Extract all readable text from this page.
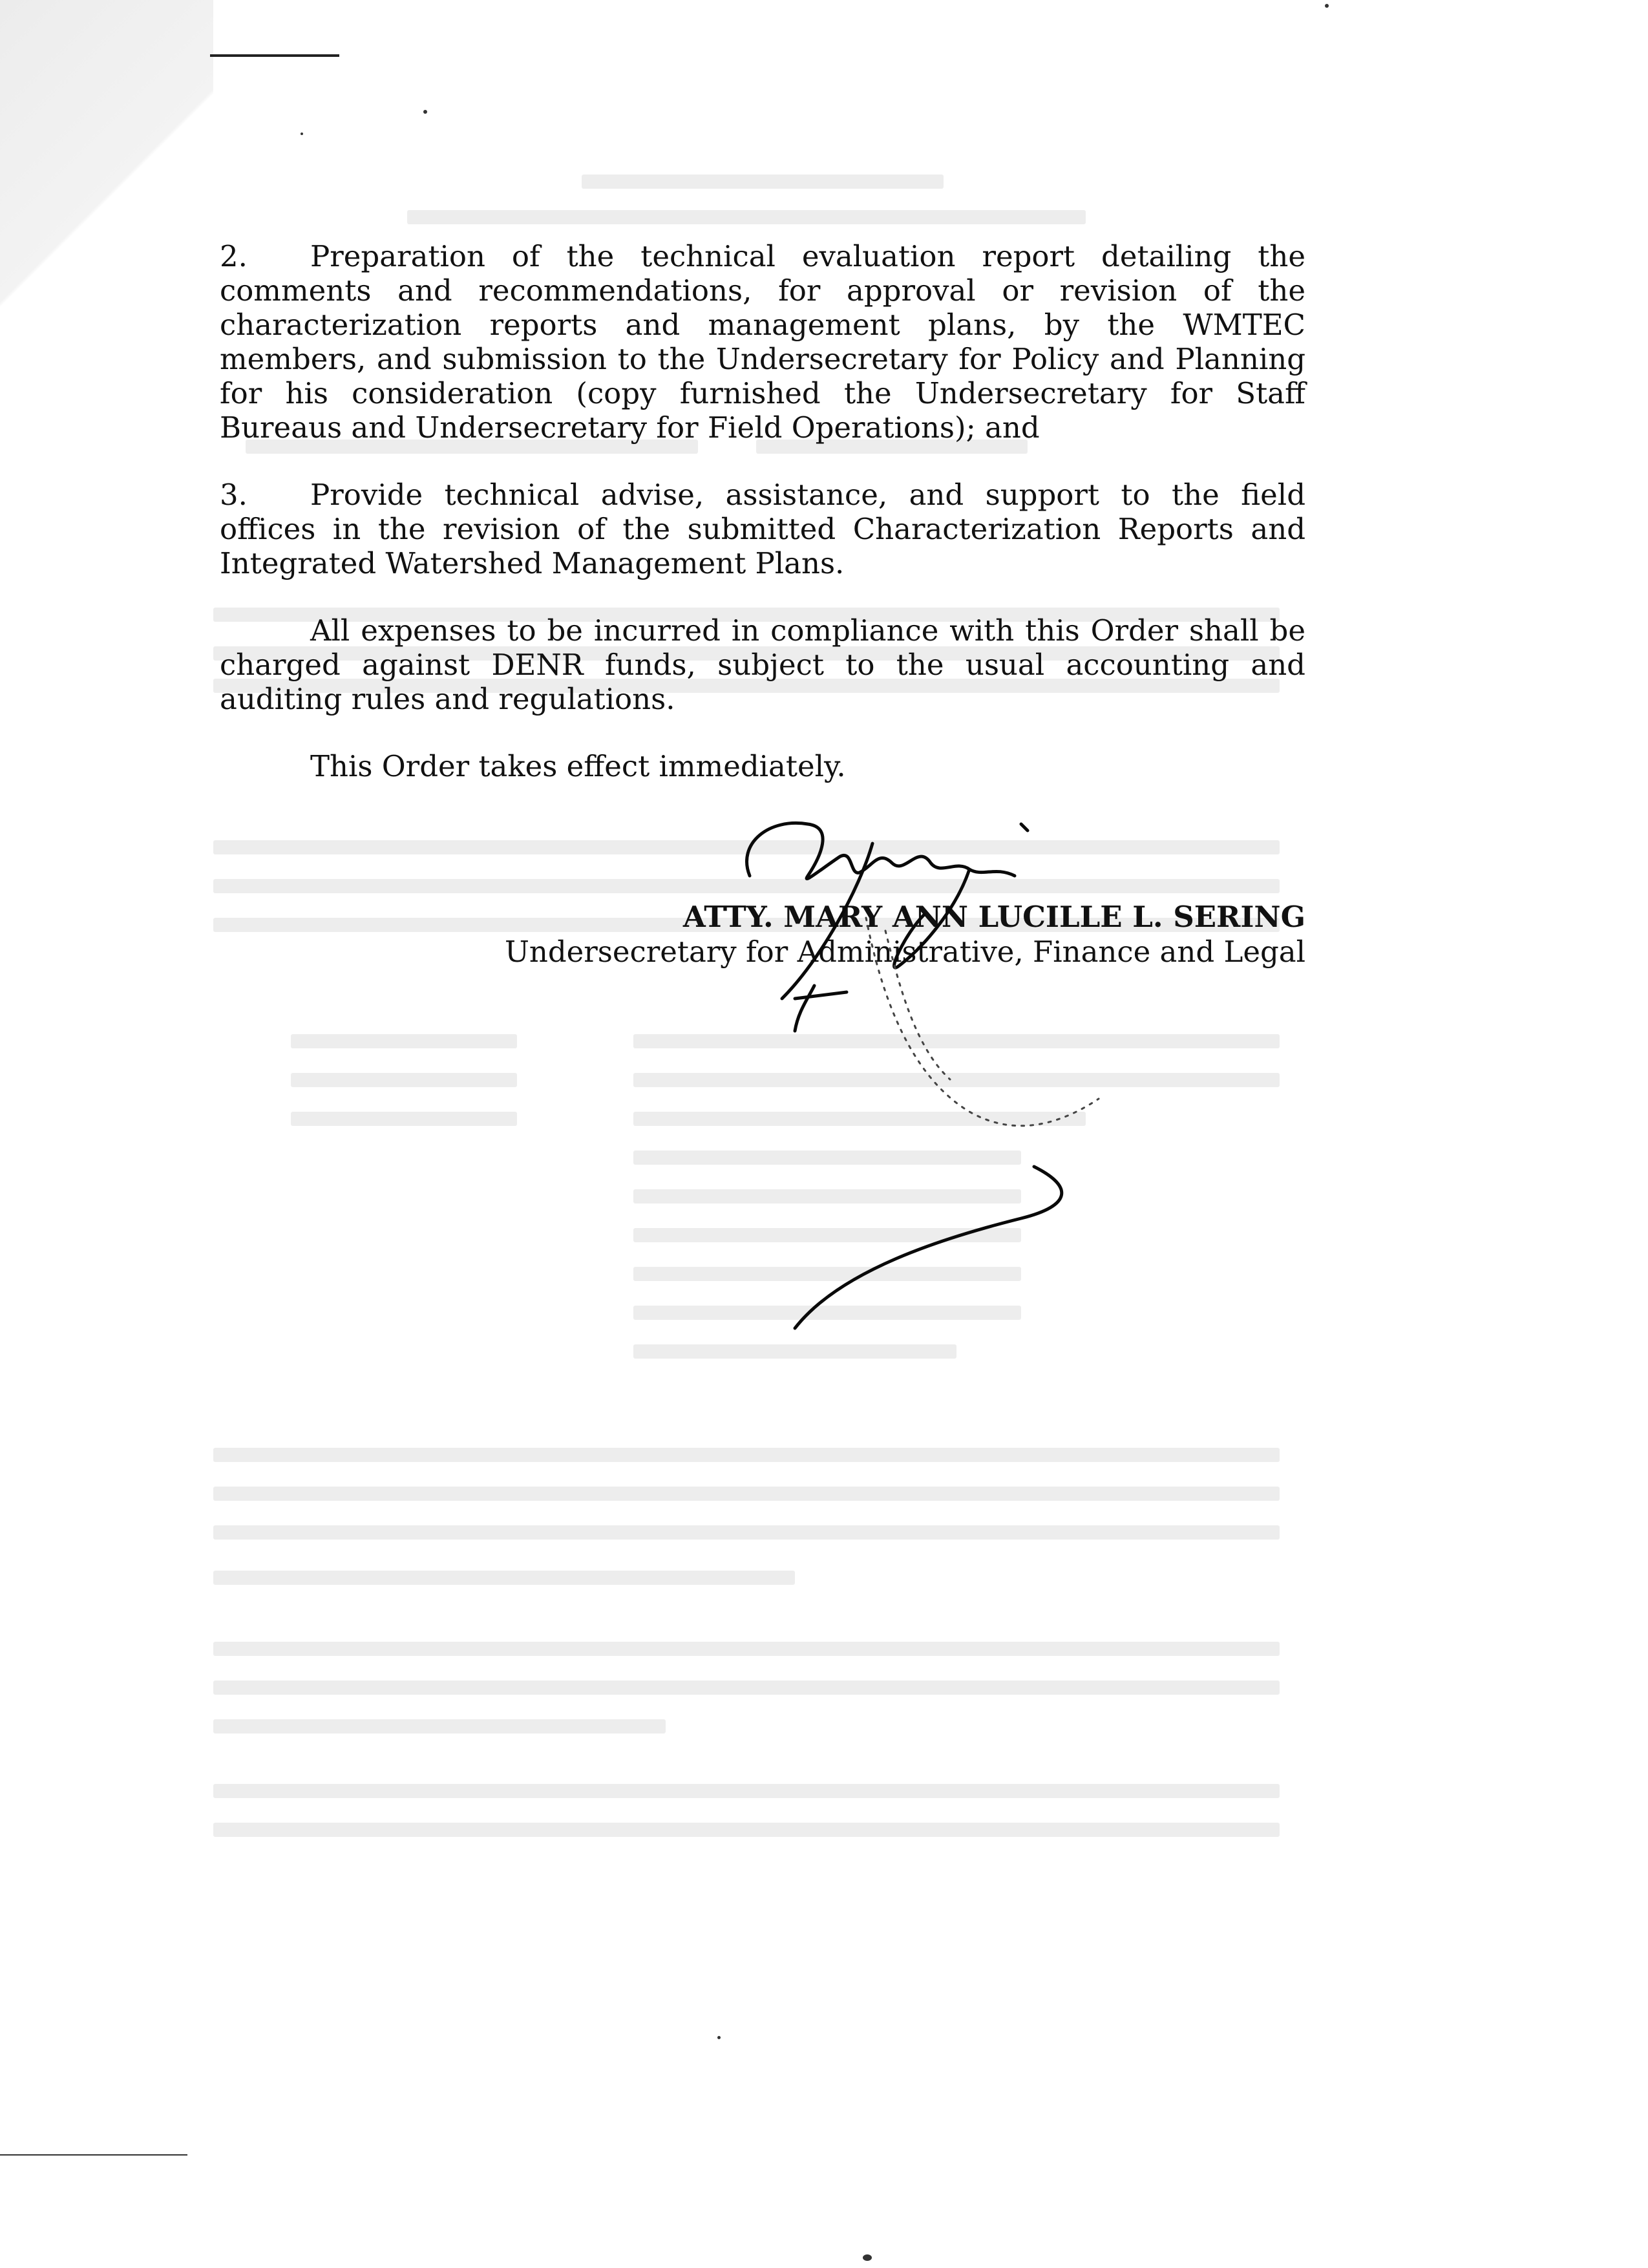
2. Preparation of the technical evaluation report detailing the comments and recommendations, for approval or revision of the characterization reports and management plans, by the WMTEC members, and submission to the Undersecretary for Policy and Planning for his consideration (copy furnished the Undersecretary for Staff Bureaus and Undersecretary for Field Operations); and

3. Provide technical advise, assistance, and support to the field offices in the revision of the submitted Characterization Reports and Integrated Watershed Management Plans.

All expenses to be incurred in compliance with this Order shall be charged against DENR funds, subject to the usual accounting and auditing rules and regulations.

This Order takes effect immediately.

ATTY. MARY ANN LUCILLE L. SERING
Undersecretary for Administrative, Finance and Legal
